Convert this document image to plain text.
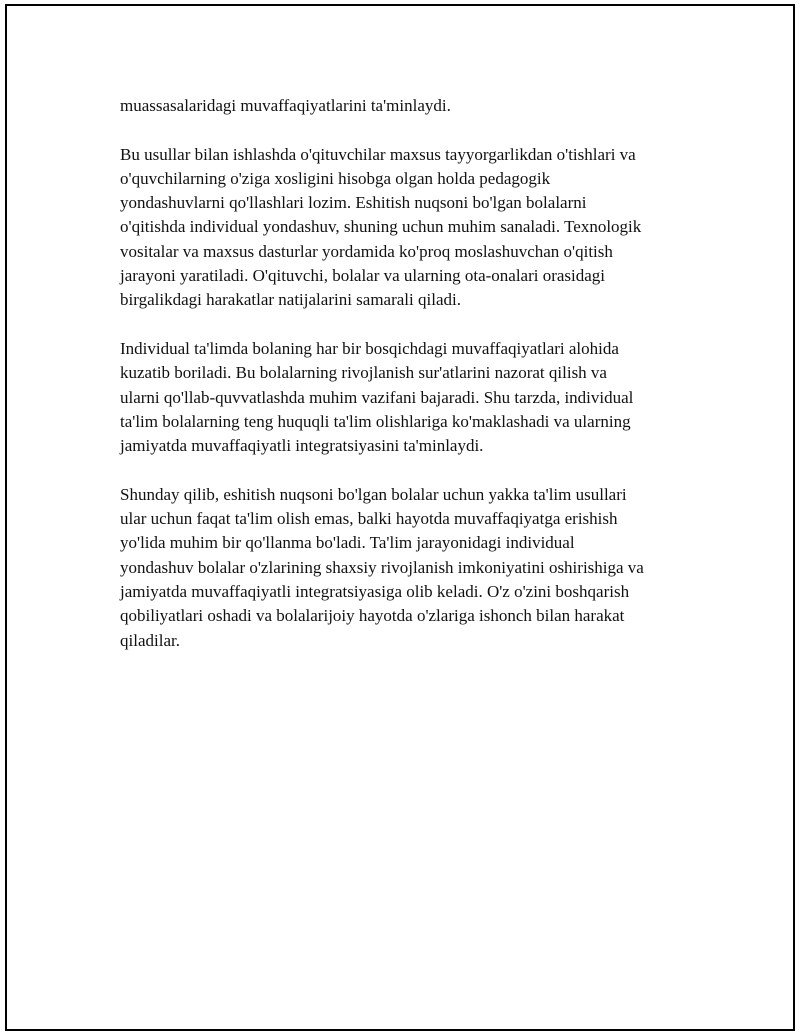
muassasalaridagi muvaffaqiyatlarini ta'minlaydi.

Bu usullar bilan ishlashda o'qituvchilar maxsus tayyorgarlikdan o'tishlari va
o'quvchilarning o'ziga xosligini hisobga olgan holda pedagogik
yondashuvlarni qo'llashlari lozim. Eshitish nuqsoni bo'lgan bolalarni
o'qitishda individual yondashuv, shuning uchun muhim sanaladi. Texnologik
vositalar va maxsus dasturlar yordamida ko'proq moslashuvchan o'qitish
jarayoni yaratiladi. O'qituvchi, bolalar va ularning ota-onalari orasidagi
birgalikdagi harakatlar natijalarini samarali qiladi.

Individual ta'limda bolaning har bir bosqichdagi muvaffaqiyatlari alohida
kuzatib boriladi. Bu bolalarning rivojlanish sur'atlarini nazorat qilish va
ularni qo'llab-quvvatlashda muhim vazifani bajaradi. Shu tarzda, individual
ta'lim bolalarning teng huquqli ta'lim olishlariga ko'maklashadi va ularning
jamiyatda muvaffaqiyatli integratsiyasini ta'minlaydi.

Shunday qilib, eshitish nuqsoni bo'lgan bolalar uchun yakka ta'lim usullari
ular uchun faqat ta'lim olish emas, balki hayotda muvaffaqiyatga erishish
yo'lida muhim bir qo'llanma bo'ladi. Ta'lim jarayonidagi individual
yondashuv bolalar o'zlarining shaxsiy rivojlanish imkoniyatini oshirishiga va
jamiyatda muvaffaqiyatli integratsiyasiga olib keladi. O'z o'zini boshqarish
qobiliyatlari oshadi va bolalarijoiy hayotda o'zlariga ishonch bilan harakat
qiladilar.
